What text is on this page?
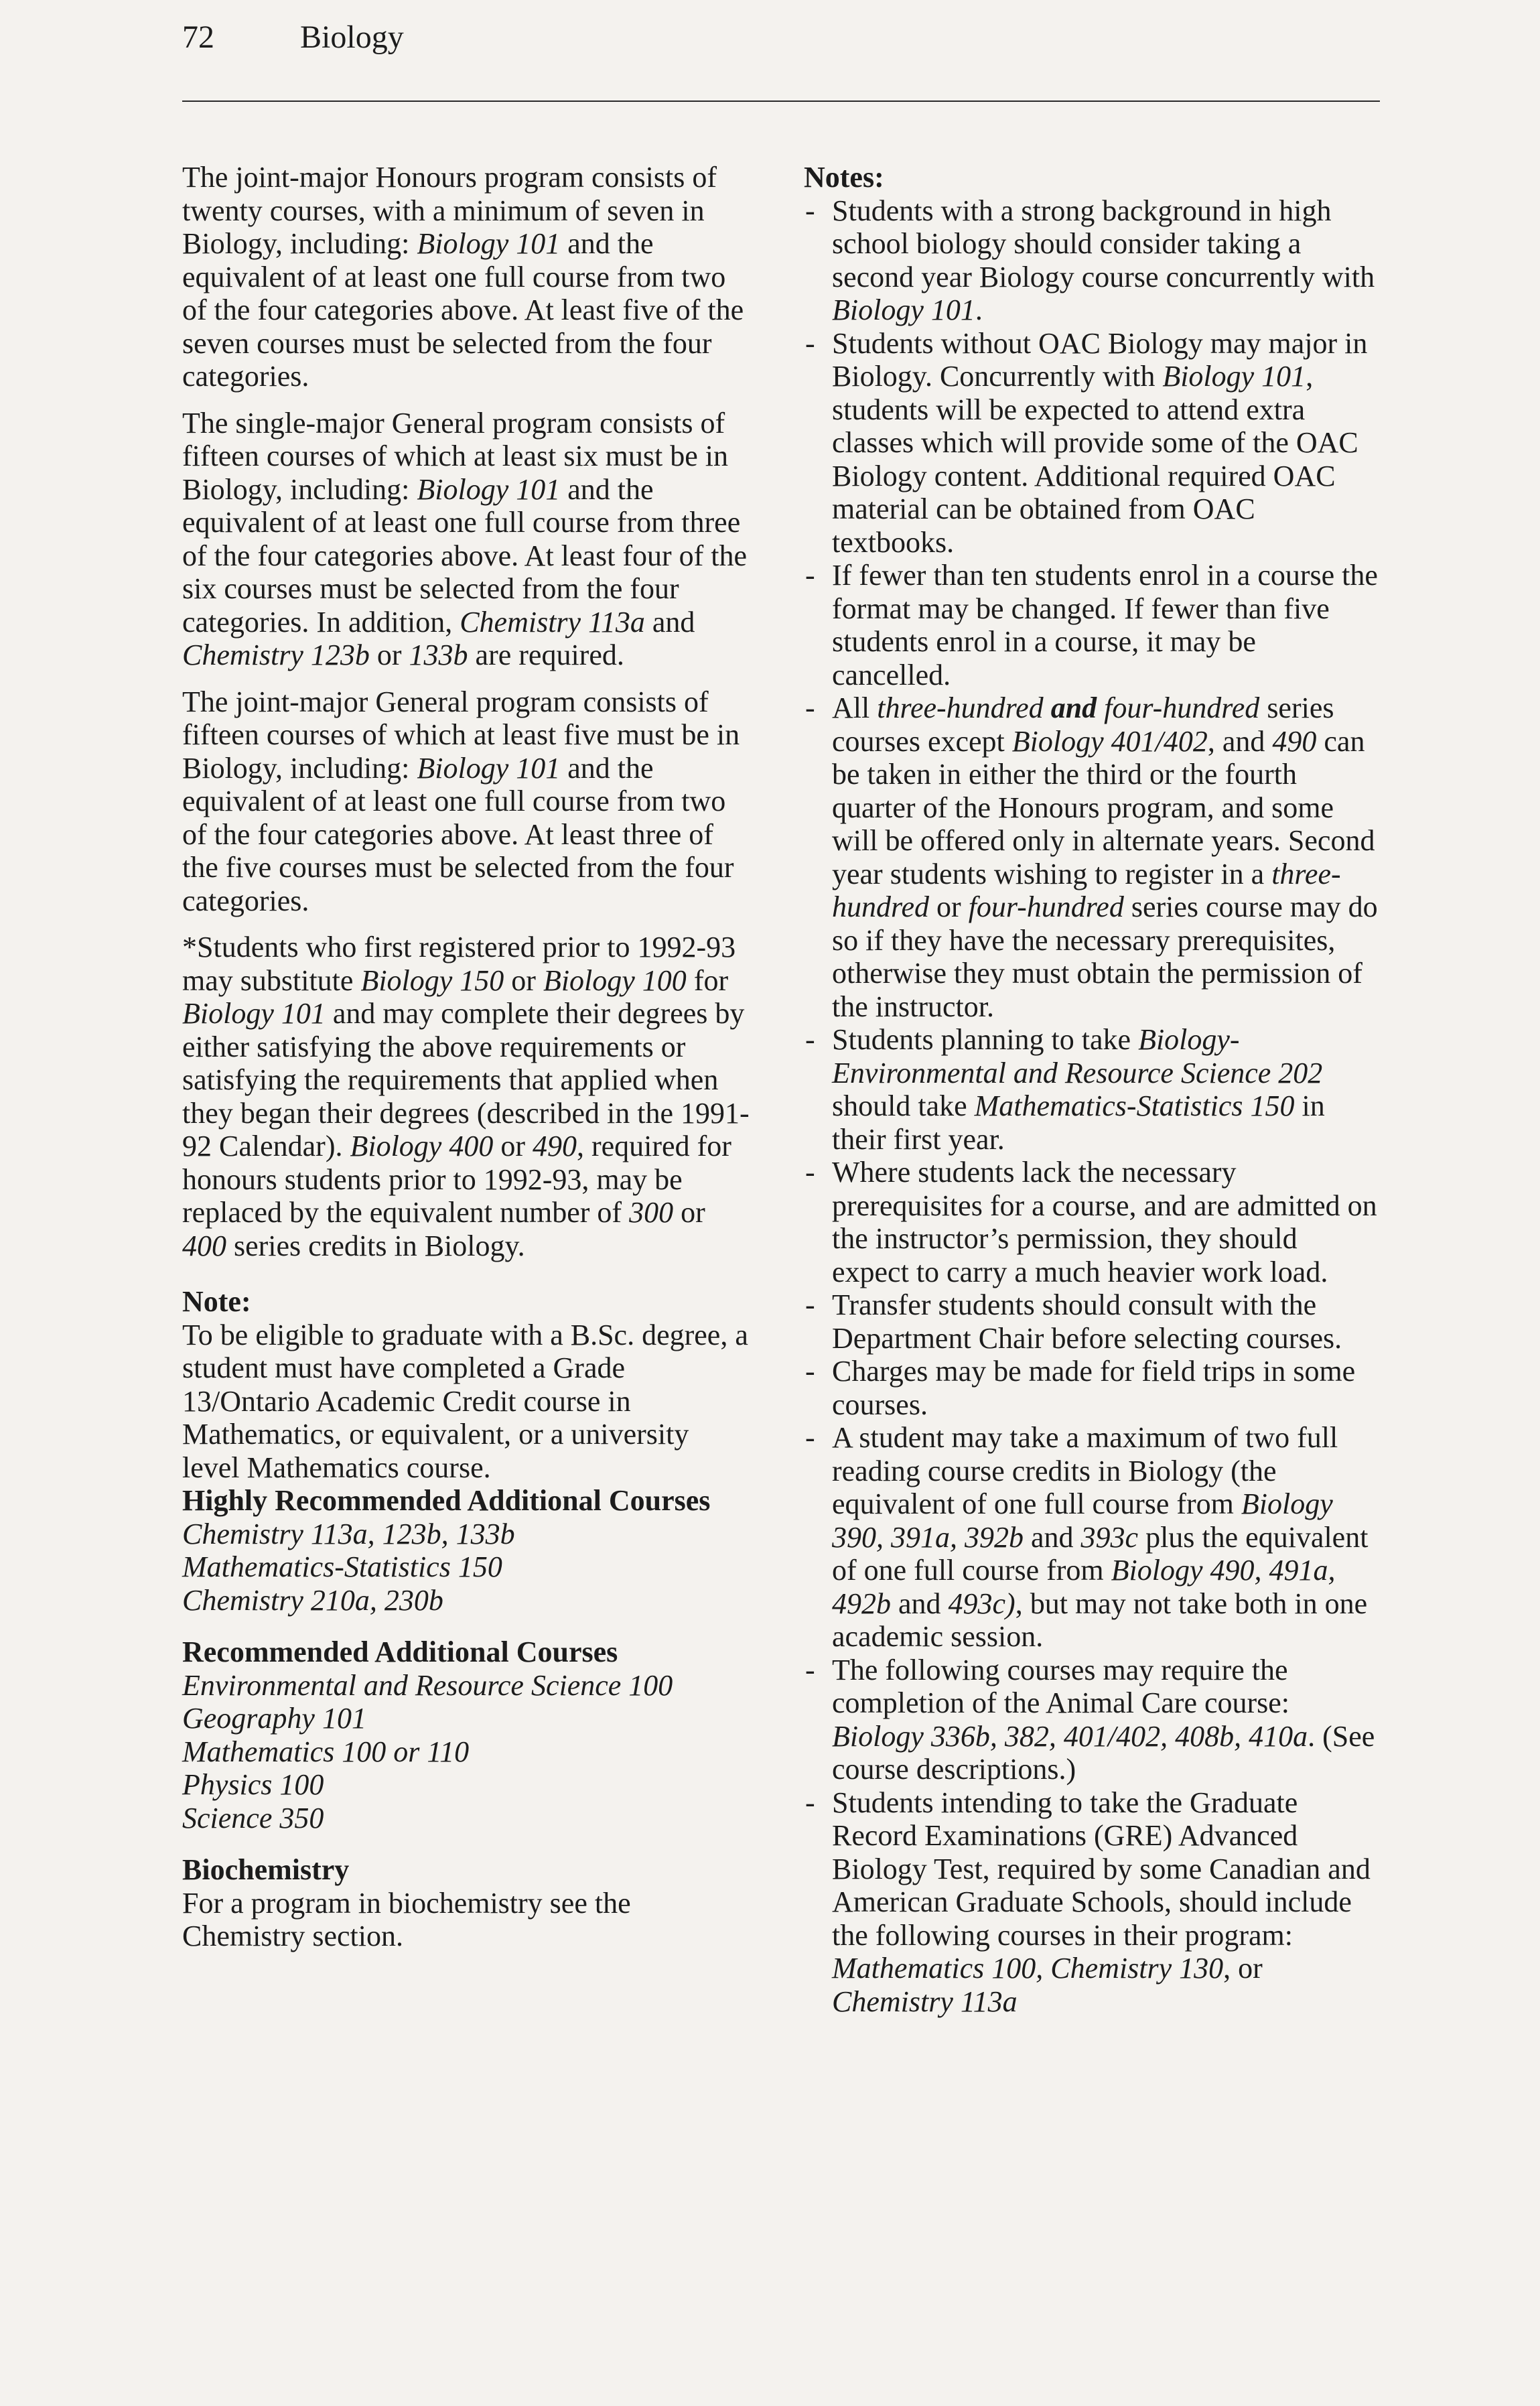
72	Biology

The joint-major Honours program consists of twenty courses, with a minimum of seven in Biology, including: Biology 101 and the equivalent of at least one full course from two of the four categories above. At least five of the seven courses must be selected from the four categories.

The single-major General program consists of fifteen courses of which at least six must be in Biology, including: Biology 101 and the equivalent of at least one full course from three of the four categories above. At least four of the six courses must be selected from the four categories. In addition, Chemistry 113a and Chemistry 123b or 133b are required.

The joint-major General program consists of fifteen courses of which at least five must be in Biology, including: Biology 101 and the equivalent of at least one full course from two of the four categories above. At least three of the five courses must be selected from the four categories.

*Students who first registered prior to 1992-93 may substitute Biology 150 or Biology 100 for Biology 101 and may complete their degrees by either satisfying the above requirements or satisfying the requirements that applied when they began their degrees (described in the 1991-92 Calendar). Biology 400 or 490, required for honours students prior to 1992-93, may be replaced by the equivalent number of 300 or 400 series credits in Biology.

Note:
To be eligible to graduate with a B.Sc. degree, a student must have completed a Grade 13/Ontario Academic Credit course in Mathematics, or equivalent, or a university level Mathematics course.
Highly Recommended Additional Courses
Chemistry 113a, 123b, 133b
Mathematics-Statistics 150
Chemistry 210a, 230b
Recommended Additional Courses
Environmental and Resource Science 100
Geography 101
Mathematics 100 or 110
Physics 100
Science 350
Biochemistry
For a program in biochemistry see the Chemistry section.
Notes:
- Students with a strong background in high school biology should consider taking a second year Biology course concurrently with Biology 101.
- Students without OAC Biology may major in Biology. Concurrently with Biology 101, students will be expected to attend extra classes which will provide some of the OAC Biology content. Additional required OAC material can be obtained from OAC textbooks.
- If fewer than ten students enrol in a course the format may be changed. If fewer than five students enrol in a course, it may be cancelled.
- All three-hundred and four-hundred series courses except Biology 401/402, and 490 can be taken in either the third or the fourth quarter of the Honours program, and some will be offered only in alternate years. Second year students wishing to register in a three-hundred or four-hundred series course may do so if they have the necessary prerequisites, otherwise they must obtain the permission of the instructor.
- Students planning to take Biology-Environmental and Resource Science 202 should take Mathematics-Statistics 150 in their first year.
- Where students lack the necessary prerequisites for a course, and are admitted on the instructor’s permission, they should expect to carry a much heavier work load.
- Transfer students should consult with the Department Chair before selecting courses.
- Charges may be made for field trips in some courses.
- A student may take a maximum of two full reading course credits in Biology (the equivalent of one full course from Biology 390, 391a, 392b and 393c plus the equivalent of one full course from Biology 490, 491a, 492b and 493c), but may not take both in one academic session.
- The following courses may require the completion of the Animal Care course: Biology 336b, 382, 401/402, 408b, 410a. (See course descriptions.)
- Students intending to take the Graduate Record Examinations (GRE) Advanced Biology Test, required by some Canadian and American Graduate Schools, should include the following courses in their program: Mathematics 100, Chemistry 130, or Chemistry 113a
